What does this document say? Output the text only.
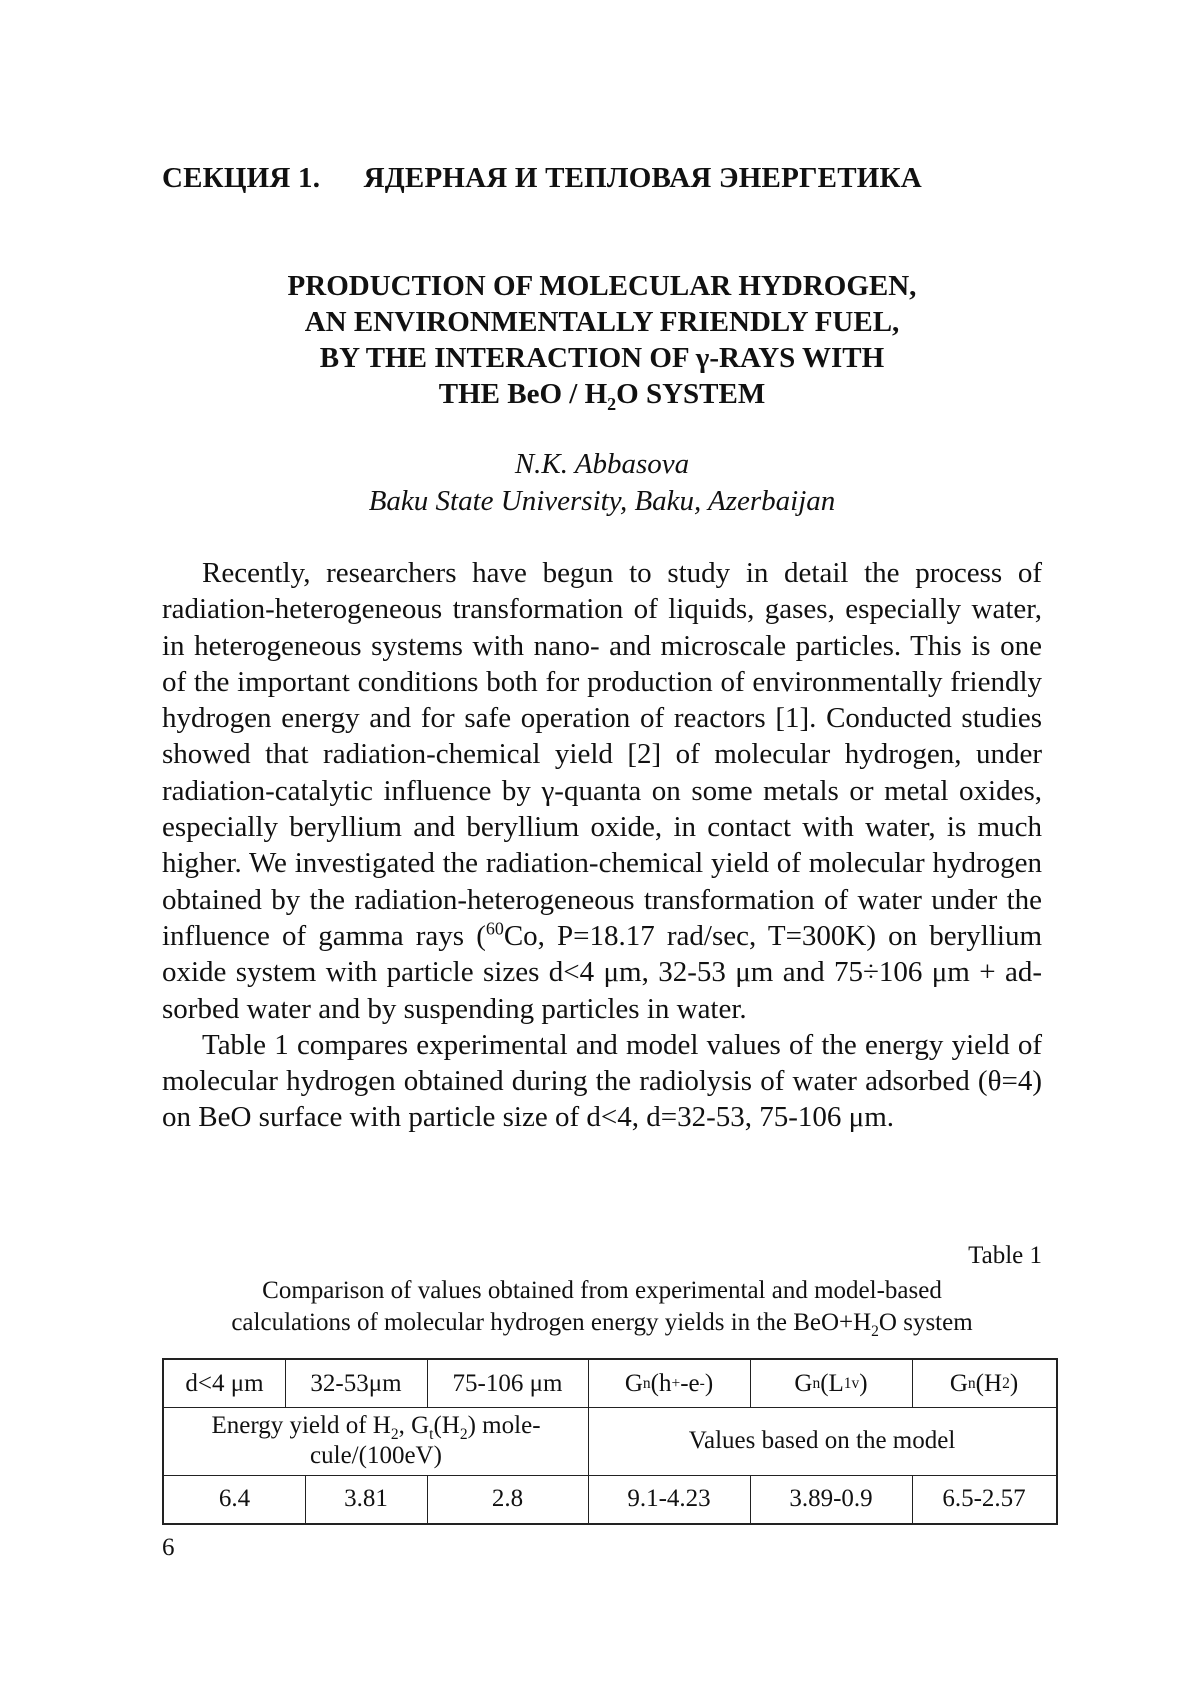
СЕКЦИЯ 1. ЯДЕРНАЯ И ТЕПЛОВАЯ ЭНЕРГЕТИКА
PRODUCTION OF MOLECULAR HYDROGEN,
AN ENVIRONMENTALLY FRIENDLY FUEL,
BY THE INTERACTION OF γ-RAYS WITH
THE BeO / $H_2O$ SYSTEM
N.K. Abbasova
Baku State University, Baku, Azerbaijan

Recently, researchers have begun to study in detail the process of radiation-heterogeneous transformation of liquids, gases, especially water, in heterogeneous systems with nano- and microscale particles. This is one of the important conditions both for production of environmentally friendly hydrogen energy and for safe operation of reactors [1]. Conducted studies showed that radiation-chemical yield [2] of molecular hydrogen, under radiation-catalytic influence by γ-quanta on some metals or metal oxides, especially beryllium and beryllium oxide, in contact with water, is much higher. We investigated the radiation-chemical yield of molecular hydrogen obtained by the radiation-heterogeneous transformation of water under the influence of gamma rays ($^{60}$Co, P=18.17 rad/sec, T=300K) on beryllium oxide system with particle sizes d<4 μm, 32-53 μm and 75÷106 μm + adsorbed water and by suspending particles in water.

Table 1 compares experimental and model values of the energy yield of molecular hydrogen obtained during the radiolysis of water adsorbed (θ=4) on BeO surface with particle size of d<4, d=32-53, 75-106 μm.

Table 1
Comparison of values obtained from experimental and model-based
calculations of molecular hydrogen energy yields in the $BeO+H_2O$ system
d<4 μm	32-53μm	75-106 μm	G n (h + -e - )	G n (L 1v )	G n (H 2 )
Energy yield of $H_2$, $G_t(H_2)$ molecule/(100eV)
Values based on the model
6.4	3.81	2.8	9.1-4.23	3.89-0.9	6.5-2.57
6
